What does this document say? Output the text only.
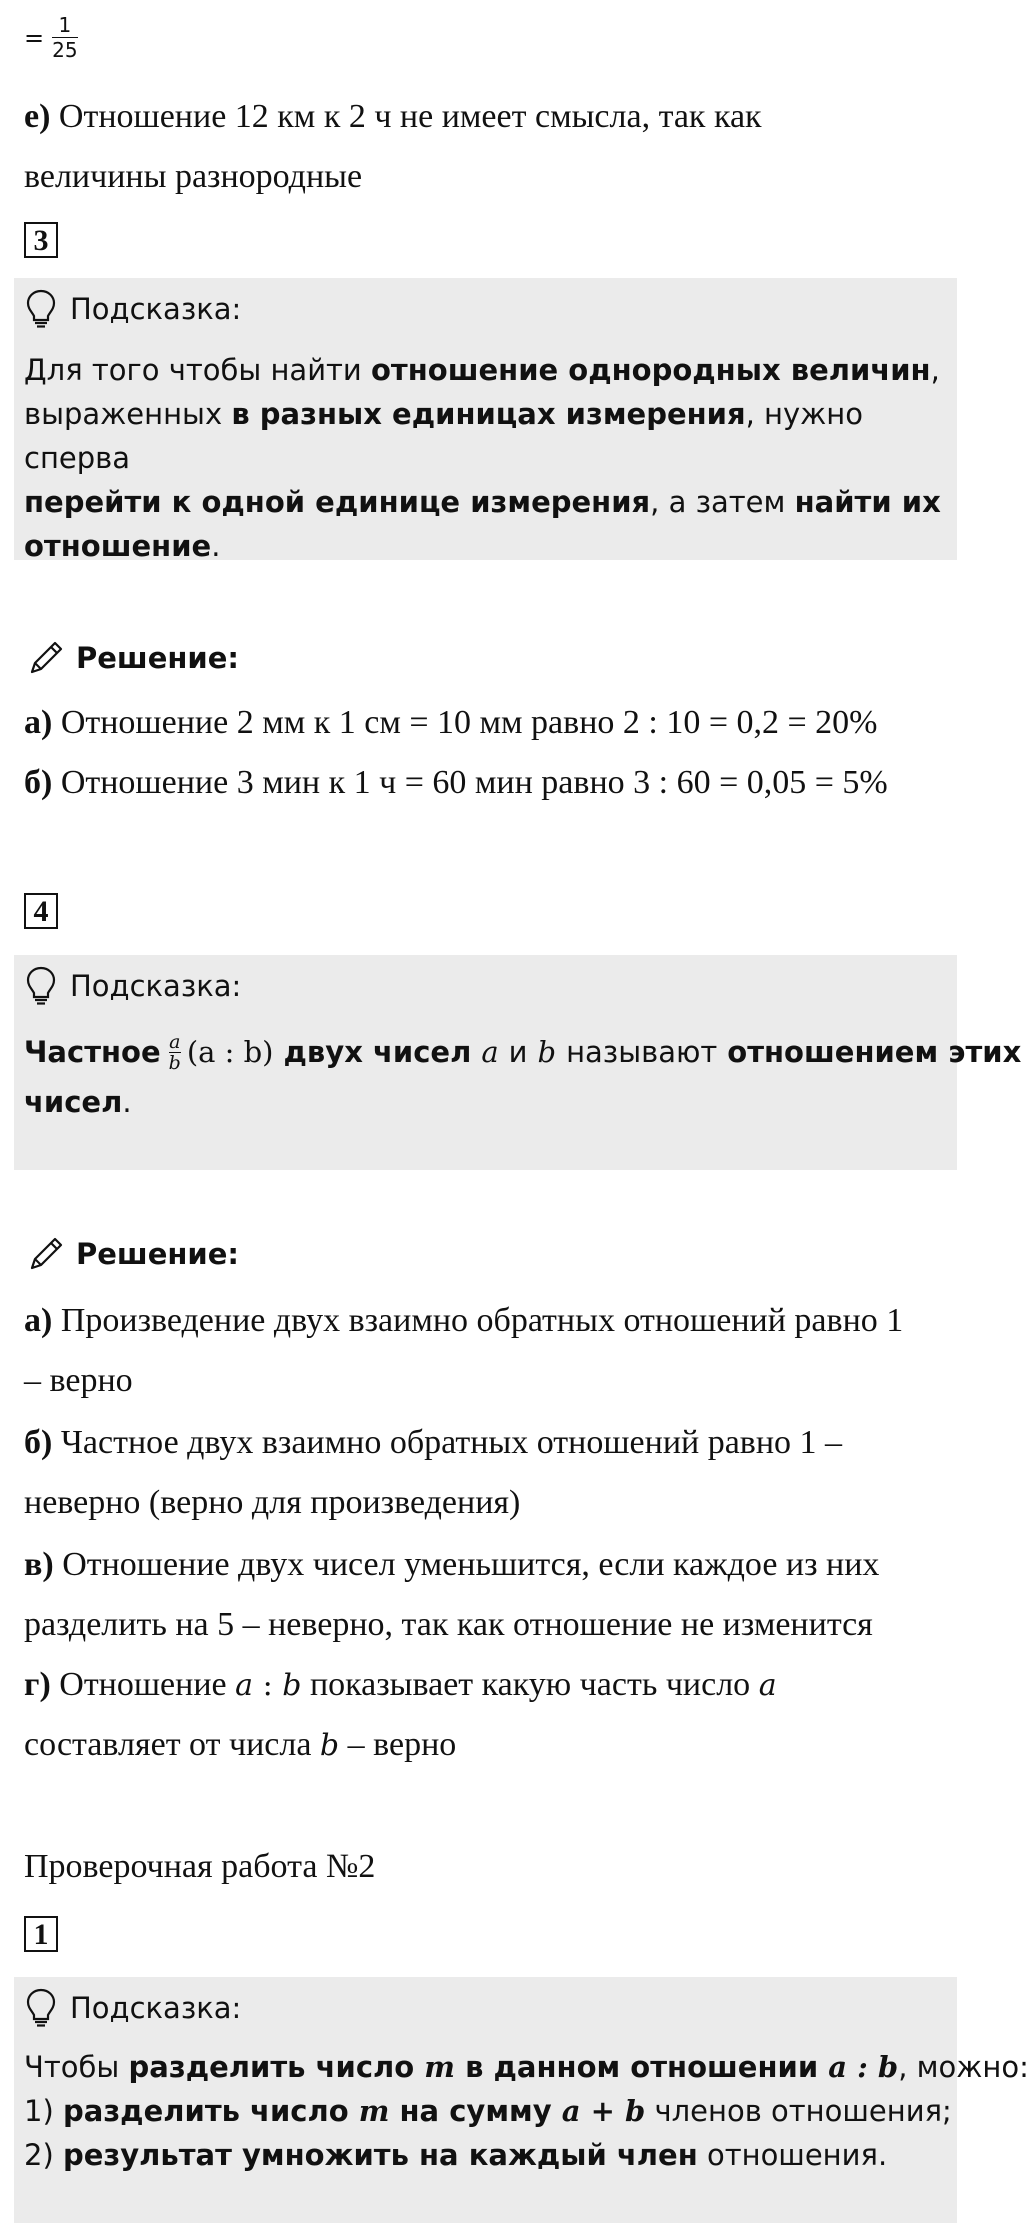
= $\frac{1}{25}$
е) Отношение 12 км к 2 ч не имеет смысла, так как
величины разнородные
3
Подсказка:
Для того чтобы найти отношение однородных величин,
выраженных в разных единицах измерения, нужно сперва
перейти к одной единице измерения, а затем найти их
отношение.
Решение:
а) Отношение 2 мм к 1 см = 10 мм равно 2 : 10 = 0,2 = 20%
б) Отношение 3 мин к 1 ч = 60 мин равно 3 : 60 = 0,05 = 5%
4
Подсказка:
Частное $\frac{a}{b} (a$ : b) двух чисел a и b называют отношением этих
чисел.
Решение:
а) Произведение двух взаимно обратных отношений равно 1
– верно
б) Частное двух взаимно обратных отношений равно 1 –
неверно (верно для произведения)
в) Отношение двух чисел уменьшится, если каждое из них
разделить на 5 – неверно, так как отношение не изменится
г) Отношение a : b показывает какую часть число a
составляет от числа b – верно
Проверочная работа №2
1
Подсказка:
Чтобы разделить число m в данном отношении a : b, можно:
1) разделить число m на сумму a + b членов отношения;
2) результат умножить на каждый член отношения.
